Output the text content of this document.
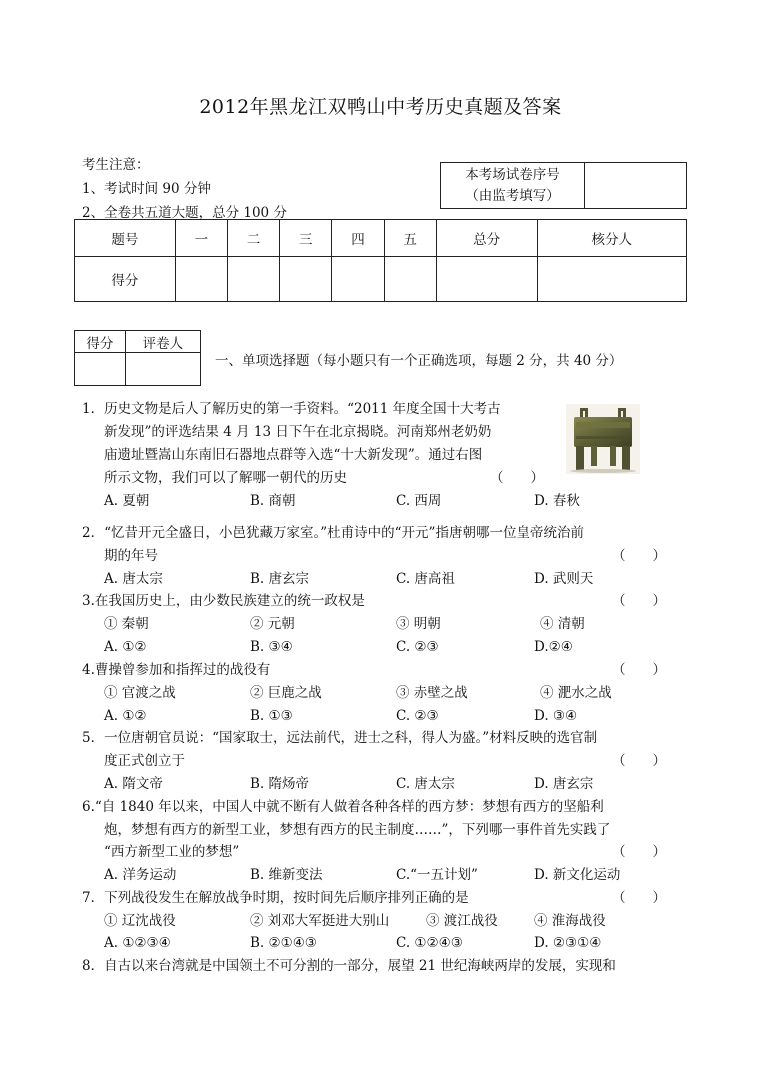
2012年黑龙江双鸭山中考历史真题及答案
考生注意：
1、考试时间 90 分钟
2、全卷共五道大题，总分 100 分
本考场试卷序号
（由监考填写）

题号	一	二	三	四	五	总分	核分人
得分							
得分	评卷人

一、单项选择题（每小题只有一个正确选项，每题 2 分，共 40 分）
1．历史文物是后人了解历史的第一手资料。“2011 年度全国十大考古
新发现”的评选结果 4 月 13 日下午在北京揭晓。河南郑州老奶奶
庙遗址暨嵩山东南旧石器地点群等入选“十大新发现”。通过右图
所示文物，我们可以了解哪一朝代的历史	（　　）
A. 夏朝	B. 商朝	C. 西周	D. 春秋
2．“忆昔开元全盛日，小邑犹藏万家室。”杜甫诗中的“开元”指唐朝哪一位皇帝统治前
期的年号	（　　）
A. 唐太宗	B. 唐玄宗	C. 唐高祖	D. 武则天
3.在我国历史上，由少数民族建立的统一政权是	（　　）
① 秦朝	② 元朝	③ 明朝	④ 清朝
A. ①②	B. ③④	C. ②③	D.②④
4.曹操曾参加和指挥过的战役有	（　　）
① 官渡之战	② 巨鹿之战	③ 赤壁之战	④ 淝水之战
A. ①②	B. ①③	C. ②③	D. ③④
5．一位唐朝官员说：“国家取士，远法前代，进士之科，得人为盛。”材料反映的选官制
度正式创立于	（　　）
A. 隋文帝	B. 隋炀帝	C. 唐太宗	D. 唐玄宗
6.“自 1840 年以来，中国人中就不断有人做着各种各样的西方梦：梦想有西方的坚船利
炮，梦想有西方的新型工业，梦想有西方的民主制度……”，下列哪一事件首先实践了
“西方新型工业的梦想”	（　　）
A. 洋务运动	B. 维新变法	C.“一五计划”	D. 新文化运动
7．下列战役发生在解放战争时期，按时间先后顺序排列正确的是	（　　）
① 辽沈战役	② 刘邓大军挺进大别山	③ 渡江战役	④ 淮海战役
A. ①②③④	B. ②①④③	C. ①②④③	D. ②③①④
8．自古以来台湾就是中国领土不可分割的一部分，展望 21 世纪海峡两岸的发展，实现和
